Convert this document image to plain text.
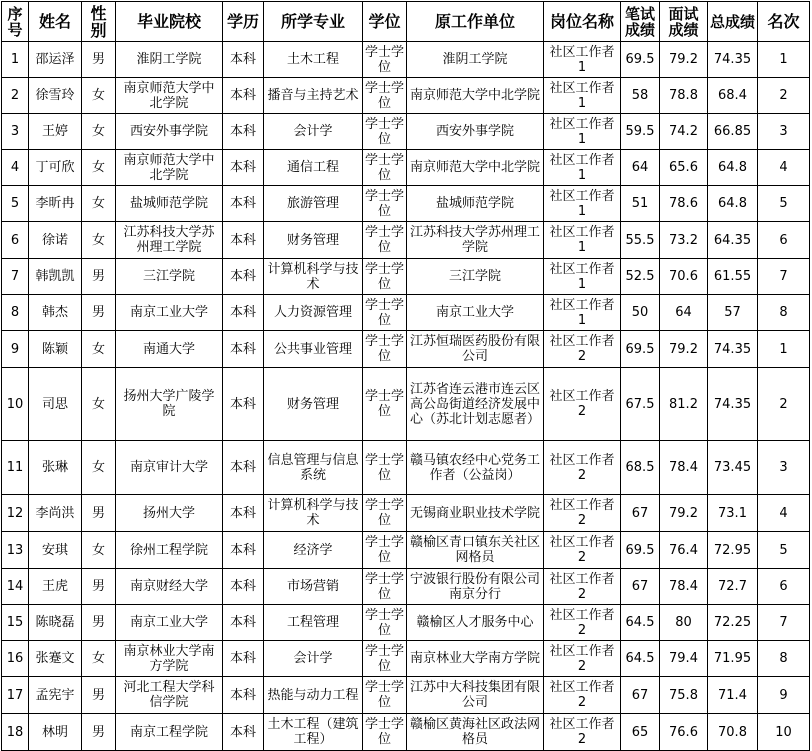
序号	姓名	性别	毕业院校	学历	所学专业	学位	原工作单位	岗位名称	笔试成绩	面试成绩	总成绩	名次
1	邵运泽	男	淮阴工学院	本科	土木工程	学士学位	淮阴工学院	社区工作者1	69.5	79.2	74.35	1
2	徐雪玲	女	南京师范大学中北学院	本科	播音与主持艺术	学士学位	南京师范大学中北学院	社区工作者1	58	78.8	68.4	2
3	王婷	女	西安外事学院	本科	会计学	学士学位	西安外事学院	社区工作者1	59.5	74.2	66.85	3
4	丁可欣	女	南京师范大学中北学院	本科	通信工程	学士学位	南京师范大学中北学院	社区工作者1	64	65.6	64.8	4
5	李昕冉	女	盐城师范学院	本科	旅游管理	学士学位	盐城师范学院	社区工作者1	51	78.6	64.8	5
6	徐诺	女	江苏科技大学苏州理工学院	本科	财务管理	学士学位	江苏科技大学苏州理工学院	社区工作者1	55.5	73.2	64.35	6
7	韩凯凯	男	三江学院	本科	计算机科学与技术	学士学位	三江学院	社区工作者1	52.5	70.6	61.55	7
8	韩杰	男	南京工业大学	本科	人力资源管理	学士学位	南京工业大学	社区工作者1	50	64	57	8
9	陈颖	女	南通大学	本科	公共事业管理	学士学位	江苏恒瑞医药股份有限公司	社区工作者2	69.5	79.2	74.35	1
10	司思	女	扬州大学广陵学院	本科	财务管理	学士学位	江苏省连云港市连云区高公岛街道经济发展中心（苏北计划志愿者）	社区工作者2	67.5	81.2	74.35	2
11	张琳	女	南京审计大学	本科	信息管理与信息系统	学士学位	赣马镇农经中心党务工作者（公益岗）	社区工作者2	68.5	78.4	73.45	3
12	李尚洪	男	扬州大学	本科	计算机科学与技术	学士学位	无锡商业职业技术学院	社区工作者2	67	79.2	73.1	4
13	安琪	女	徐州工程学院	本科	经济学	学士学位	赣榆区青口镇东关社区网格员	社区工作者2	69.5	76.4	72.95	5
14	王虎	男	南京财经大学	本科	市场营销	学士学位	宁波银行股份有限公司南京分行	社区工作者2	67	78.4	72.7	6
15	陈晓磊	男	南京工业大学	本科	工程管理	学士学位	赣榆区人才服务中心	社区工作者2	64.5	80	72.25	7
16	张蹇文	女	南京林业大学南方学院	本科	会计学	学士学位	南京林业大学南方学院	社区工作者2	64.5	79.4	71.95	8
17	孟宪宇	男	河北工程大学科信学院	本科	热能与动力工程	学士学位	江苏中大科技集团有限公司	社区工作者2	67	75.8	71.4	9
18	林明	男	南京工程学院	本科	土木工程（建筑工程）	学士学位	赣榆区黄海社区政法网格员	社区工作者2	65	76.6	70.8	10
